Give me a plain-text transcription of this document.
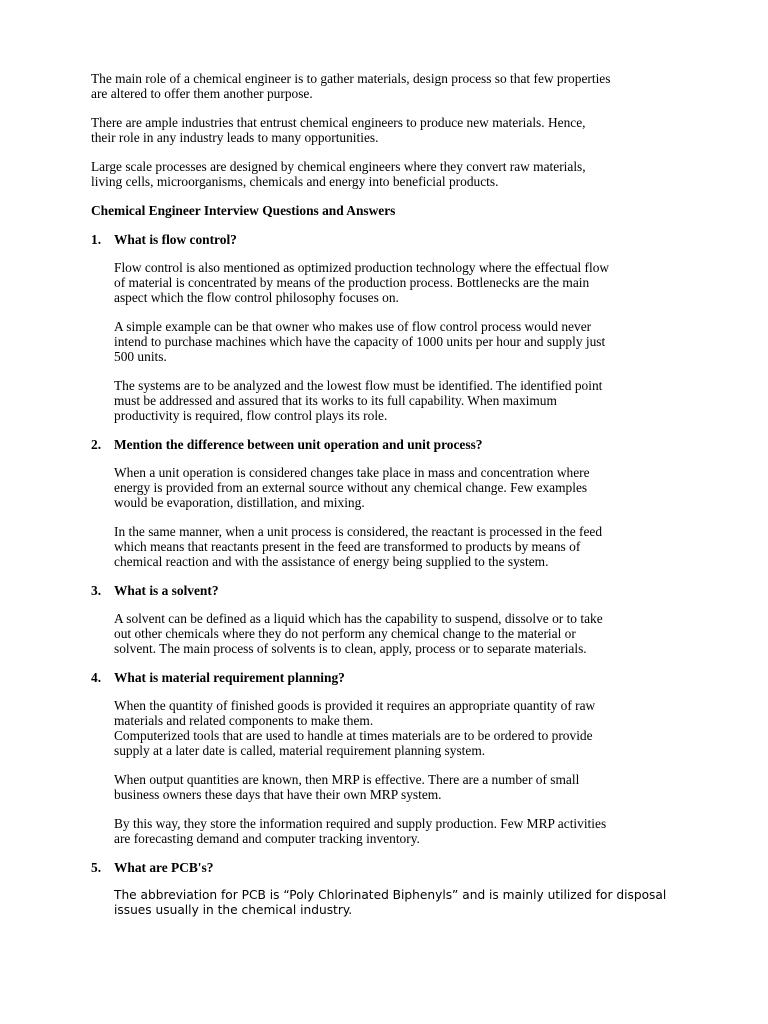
The main role of a chemical engineer is to gather materials, design process so that few properties
are altered to offer them another purpose.

There are ample industries that entrust chemical engineers to produce new materials. Hence,
their role in any industry leads to many opportunities.

Large scale processes are designed by chemical engineers where they convert raw materials,
living cells, microorganisms, chemicals and energy into beneficial products.

Chemical Engineer Interview Questions and Answers
1. What is flow control?

Flow control is also mentioned as optimized production technology where the effectual flow
of material is concentrated by means of the production process. Bottlenecks are the main
aspect which the flow control philosophy focuses on.

A simple example can be that owner who makes use of flow control process would never
intend to purchase machines which have the capacity of 1000 units per hour and supply just
500 units.

The systems are to be analyzed and the lowest flow must be identified. The identified point
must be addressed and assured that its works to its full capability. When maximum
productivity is required, flow control plays its role.

2. Mention the difference between unit operation and unit process?

When a unit operation is considered changes take place in mass and concentration where
energy is provided from an external source without any chemical change. Few examples
would be evaporation, distillation, and mixing.

In the same manner, when a unit process is considered, the reactant is processed in the feed
which means that reactants present in the feed are transformed to products by means of
chemical reaction and with the assistance of energy being supplied to the system.

3. What is a solvent?

A solvent can be defined as a liquid which has the capability to suspend, dissolve or to take
out other chemicals where they do not perform any chemical change to the material or
solvent. The main process of solvents is to clean, apply, process or to separate materials.

4. What is material requirement planning?

When the quantity of finished goods is provided it requires an appropriate quantity of raw
materials and related components to make them.
Computerized tools that are used to handle at times materials are to be ordered to provide
supply at a later date is called, material requirement planning system.

When output quantities are known, then MRP is effective. There are a number of small
business owners these days that have their own MRP system.

By this way, they store the information required and supply production. Few MRP activities
are forecasting demand and computer tracking inventory.

5. What are PCB's?

The abbreviation for PCB is “Poly Chlorinated Biphenyls” and is mainly utilized for disposal
issues usually in the chemical industry.
